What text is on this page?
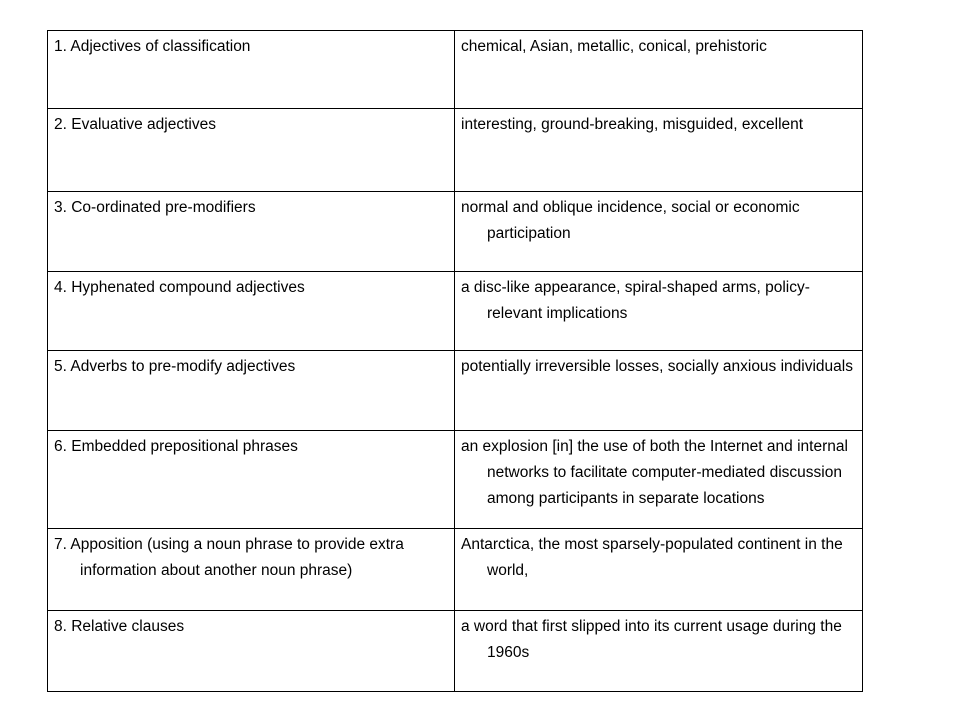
1. Adjectives of classification	chemical, Asian, metallic, conical, prehistoric

2. Evaluative adjectives	interesting, ground-breaking, misguided, excellent

3. Co-ordinated pre-modifiers	normal and oblique incidence, social or economic participation

4. Hyphenated compound adjectives	a disc-like appearance, spiral-shaped arms, policy-relevant implications

5. Adverbs to pre-modify adjectives	potentially irreversible losses, socially anxious individuals

6. Embedded prepositional phrases	an explosion [in] the use of both the Internet and internal networks to facilitate computer-mediated discussion among participants in separate locations

7. Apposition (using a noun phrase to provide extra information about another noun phrase)	Antarctica, the most sparsely-populated continent in the world,

8. Relative clauses	a word that first slipped into its current usage during the 1960s
